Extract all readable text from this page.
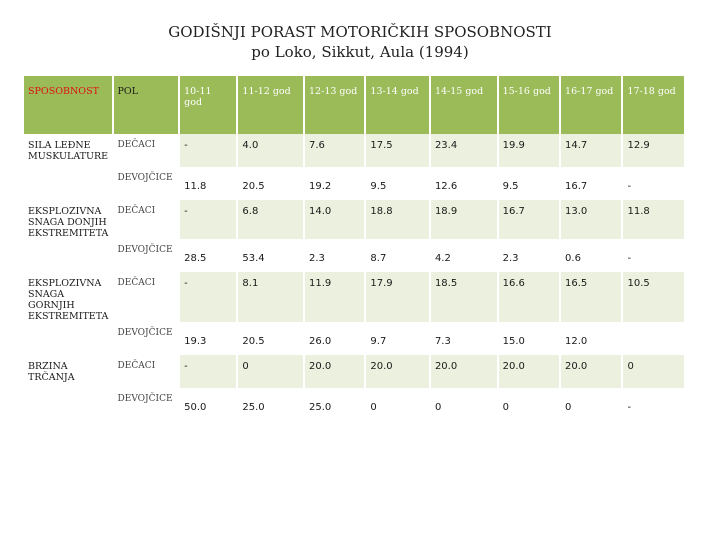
GODIŠNJI PORAST MOTORIČKIH SPOSOBNOSTI
po Loko, Sikkut, Aula (1994)
SPOSOBNOST	POL	10-11 god	11-12 god	12-13 god	13-14 god	14-15 god	15-16 god	16-17 god	17-18 god
SILA LEĐNE MUSKULATURE	DEČACI	-	4.0	7.6	17.5	23.4	19.9	14.7	12.9
	DEVOJČICE	11.8	20.5	19.2	9.5	12.6	9.5	16.7	-
EKSPLOZIVNA SNAGA DONJIH EKSTREMITETA	DEČACI	-	6.8	14.0	18.8	18.9	16.7	13.0	11.8
	DEVOJČICE	28.5	53.4	2.3	8.7	4.2	2.3	0.6	-
EKSPLOZIVNA SNAGA GORNJIH EKSTREMITETA	DEČACI	-	8.1	11.9	17.9	18.5	16.6	16.5	10.5
	DEVOJČICE	19.3	20.5	26.0	9.7	7.3	15.0	12.0	
BRZINA TRČANJA	DEČACI	-	0	20.0	20.0	20.0	20.0	20.0	0
	DEVOJČICE	50.0	25.0	25.0	0	0	0	0	-
